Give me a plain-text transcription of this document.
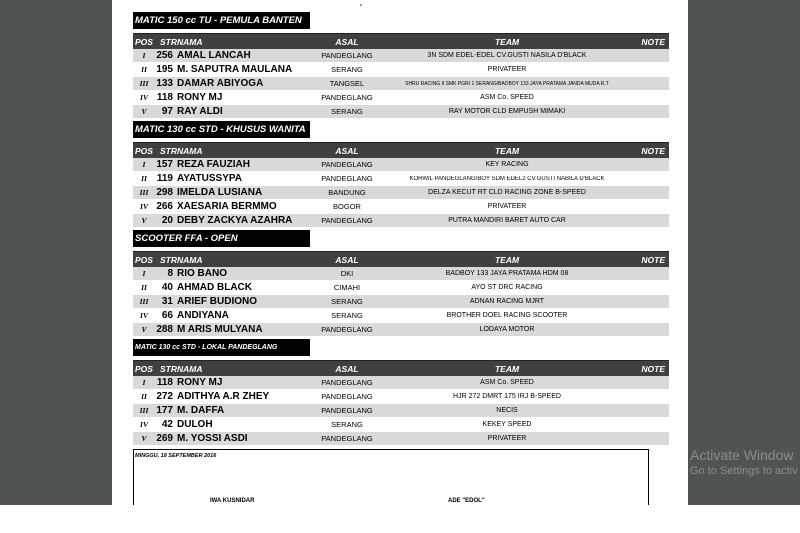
Activate Window
Go to Settings to activ
MATIC 150 cc TU - PEMULA BANTEN
POS STR NAMA	ASAL	TEAM	NOTE
I	256 AMAL LANCAH	PANDEGLANG	3N SDM EDEL-EDEL CV.GUSTI NASILA D'BLACK
II 195 M. SAPUTRA MAULANA	SERANG	PRIVATEER
III 133 DAMAR ABIYOGA	TANGSEL	SHRU RACING II SMK PGRI 1 SERANG/BADBOY 133 JAYA PRATAMA JANDA MUDA R.T
IV 118 RONY MJ	PANDEGLANG	ASM Co. SPEED
V	97 RAY ALDI	SERANG	RAY MOTOR CLD EMPUSH MIMAKI
MATIC 130 cc STD - KHUSUS WANITA
POS STR NAMA	ASAL	TEAM	NOTE
I	157 REZA FAUZIAH	PANDEGLANG	KEY RACING
II 119 AYATUSSYPA	PANDEGLANG	KORWIL PANDEGLANG/BOY SDM EDEL2 CV.GUSTI NABILA D'BLACK
III 298 IMELDA LUSIANA	BANDUNG	DELZA KECUT RT CLD RACING ZONE B-SPEED
IV 266 XAESARIA BERMMO	BOGOR	PRIVATEER
V	20 DEBY ZACKYA AZAHRA	PANDEGLANG	PUTRA MANDIRI BARET AUTO CAR
SCOOTER FFA - OPEN
POS STR NAMA	ASAL	TEAM	NOTE
I	8 RIO BANO	DKI	BADBOY 133 JAYA PRATAMA HDM 08
II	40 AHMAD BLACK	CIMAHI	AYO ST DRC RACING
III	31 ARIEF BUDIONO	SERANG	ADNAN RACING MJRT
IV	66 ANDIYANA	SERANG	BROTHER DOEL RACING SCOOTER
V 288 M ARIS MULYANA	PANDEGLANG	LODAYA MOTOR
MATIC 130 cc STD - LOKAL PANDEGLANG
POS STR NAMA	ASAL	TEAM	NOTE
I	118 RONY MJ	PANDEGLANG	ASM Co. SPEED
II 272 ADITHYA A.R ZHEY	PANDEGLANG	HJR 272 DMRT 175 IRJ B-SPEED
III 177 M. DAFFA	PANDEGLANG	NECIS
IV	42 DULOH	SERANG	KEKEY SPEED
V 269 M. YOSSI ASDI	PANDEGLANG	PRIVATEER
MINGGU, 18 SEPTEMBER 2016
IWA KUSNIDAR	ADE "EDOL"
